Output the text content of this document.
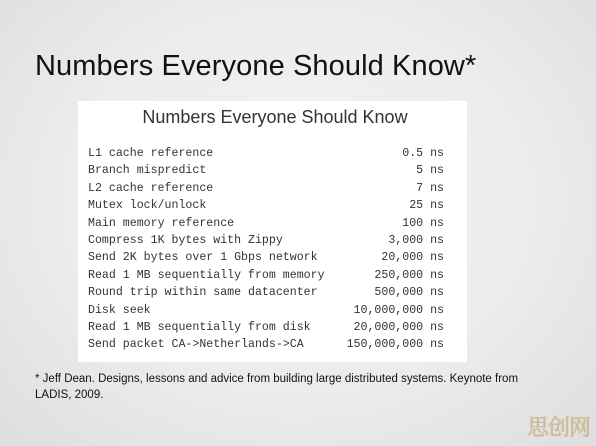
Numbers Everyone Should Know*
Numbers Everyone Should Know
L1 cache reference	0.5 ns
Branch mispredict	5 ns
L2 cache reference	7 ns
Mutex lock/unlock	25 ns
Main memory reference	100 ns
Compress 1K bytes with Zippy	3,000 ns
Send 2K bytes over 1 Gbps network	20,000 ns
Read 1 MB sequentially from memory	250,000 ns
Round trip within same datacenter	500,000 ns
Disk seek	10,000,000 ns
Read 1 MB sequentially from disk	20,000,000 ns
Send packet CA->Netherlands->CA	150,000,000 ns
* Jeff Dean. Designs, lessons and advice from building large distributed systems. Keynote from LADIS, 2009.
思创网
